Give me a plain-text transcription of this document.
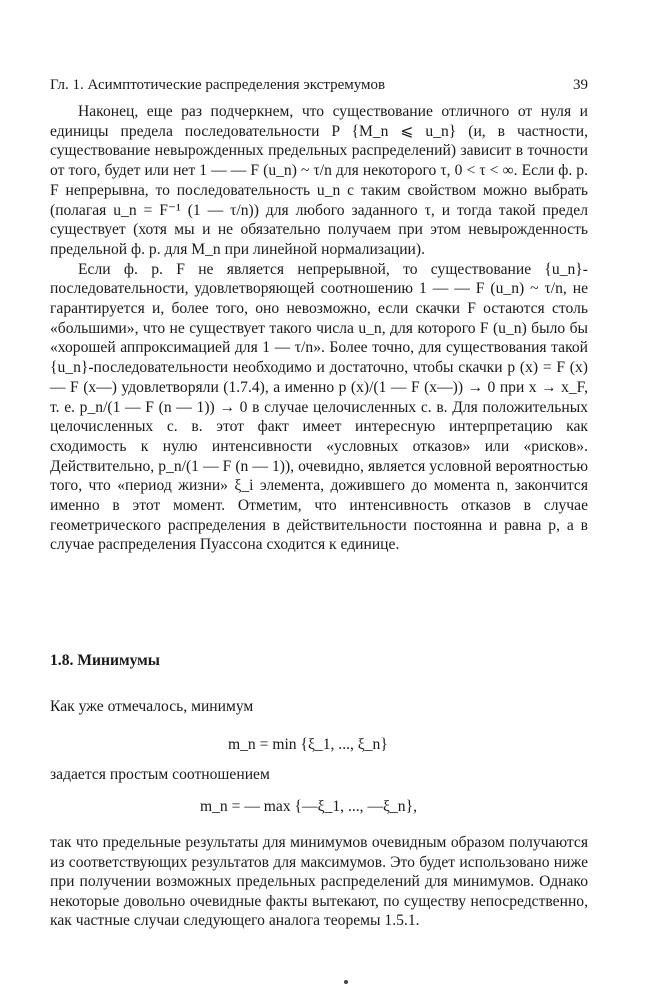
Гл. 1. Асимптотические распределения экстремумов	39

Наконец, еще раз подчеркнем, что существование отличного от нуля и единицы предела последовательности P {M_n ⩽ u_n} (и, в частности, существование невырожденных предельных распределений) зависит в точности от того, будет или нет 1 — — F (u_n) ~ τ/n для некоторого τ, 0 < τ < ∞. Если ф. р. F непрерывна, то последовательность u_n с таким свойством можно выбрать (полагая u_n = F⁻¹ (1 — τ/n)) для любого заданного τ, и тогда такой предел существует (хотя мы и не обязательно получаем при этом невырожденность предельной ф. р. для M_n при линейной нормализации).

Если ф. р. F не является непрерывной, то существование {u_n}-последовательности, удовлетворяющей соотношению 1 — — F (u_n) ~ τ/n, не гарантируется и, более того, оно невозможно, если скачки F остаются столь «большими», что не существует такого числа u_n, для которого F (u_n) было бы «хорошей аппроксимацией для 1 — τ/n». Более точно, для существования такой {u_n}-последовательности необходимо и достаточно, чтобы скачки p (x) = F (x) — F (x—) удовлетворяли (1.7.4), а именно p (x)/(1 — F (x—)) → 0 при x → x_F, т. е. p_n/(1 — F (n — 1)) → 0 в случае целочисленных с. в. Для положительных целочисленных с. в. этот факт имеет интересную интерпретацию как сходимость к нулю интенсивности «условных отказов» или «рисков». Действительно, p_n/(1 — F (n — 1)), очевидно, является условной вероятностью того, что «период жизни» ξ_i элемента, дожившего до момента n, закончится именно в этот момент. Отметим, что интенсивность отказов в случае геометрического распределения в действительности постоянна и равна p, а в случае распределения Пуассона сходится к единице.

1.8. Минимумы

Как уже отмечалось, минимум

m_n = min {ξ_1, ..., ξ_n}
задается простым соотношением
m_n = — max {—ξ_1, ..., —ξ_n},

так что предельные результаты для минимумов очевидным образом получаются из соответствующих результатов для максимумов. Это будет использовано ниже при получении возможных предельных распределений для минимумов. Однако некоторые довольно очевидные факты вытекают, по существу непосредственно, как частные случаи следующего аналога теоремы 1.5.1.
